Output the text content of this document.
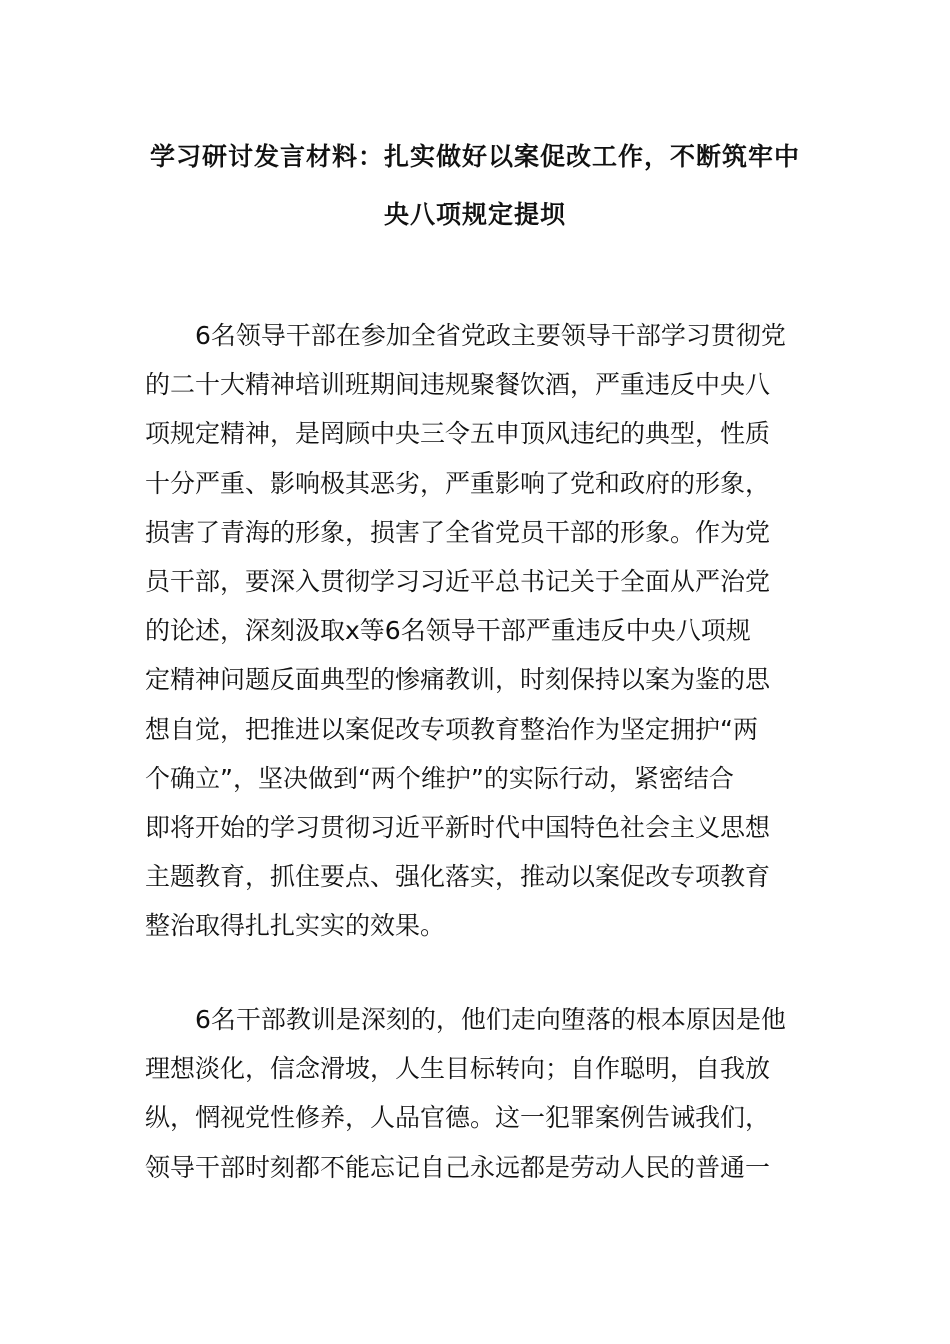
学习研讨发言材料：扎实做好以案促改工作，不断筑牢中
央八项规定提坝

　　6名领导干部在参加全省党政主要领导干部学习贯彻党
的二十大精神培训班期间违规聚餐饮酒，严重违反中央八
项规定精神，是罔顾中央三令五申顶风违纪的典型，性质
十分严重、影响极其恶劣，严重影响了党和政府的形象，
损害了青海的形象，损害了全省党员干部的形象。作为党
员干部，要深入贯彻学习习近平总书记关于全面从严治党
的论述，深刻汲取x等6名领导干部严重违反中央八项规
定精神问题反面典型的惨痛教训，时刻保持以案为鉴的思
想自觉，把推进以案促改专项教育整治作为坚定拥护“两
个确立”，坚决做到“两个维护”的实际行动，紧密结合
即将开始的学习贯彻习近平新时代中国特色社会主义思想
主题教育，抓住要点、强化落实，推动以案促改专项教育
整治取得扎扎实实的效果。

　　6名干部教训是深刻的，他们走向堕落的根本原因是他
理想淡化，信念滑坡，人生目标转向；自作聪明，自我放
纵，惘视党性修养，人品官德。这一犯罪案例告诫我们，
领导干部时刻都不能忘记自己永远都是劳动人民的普通一
